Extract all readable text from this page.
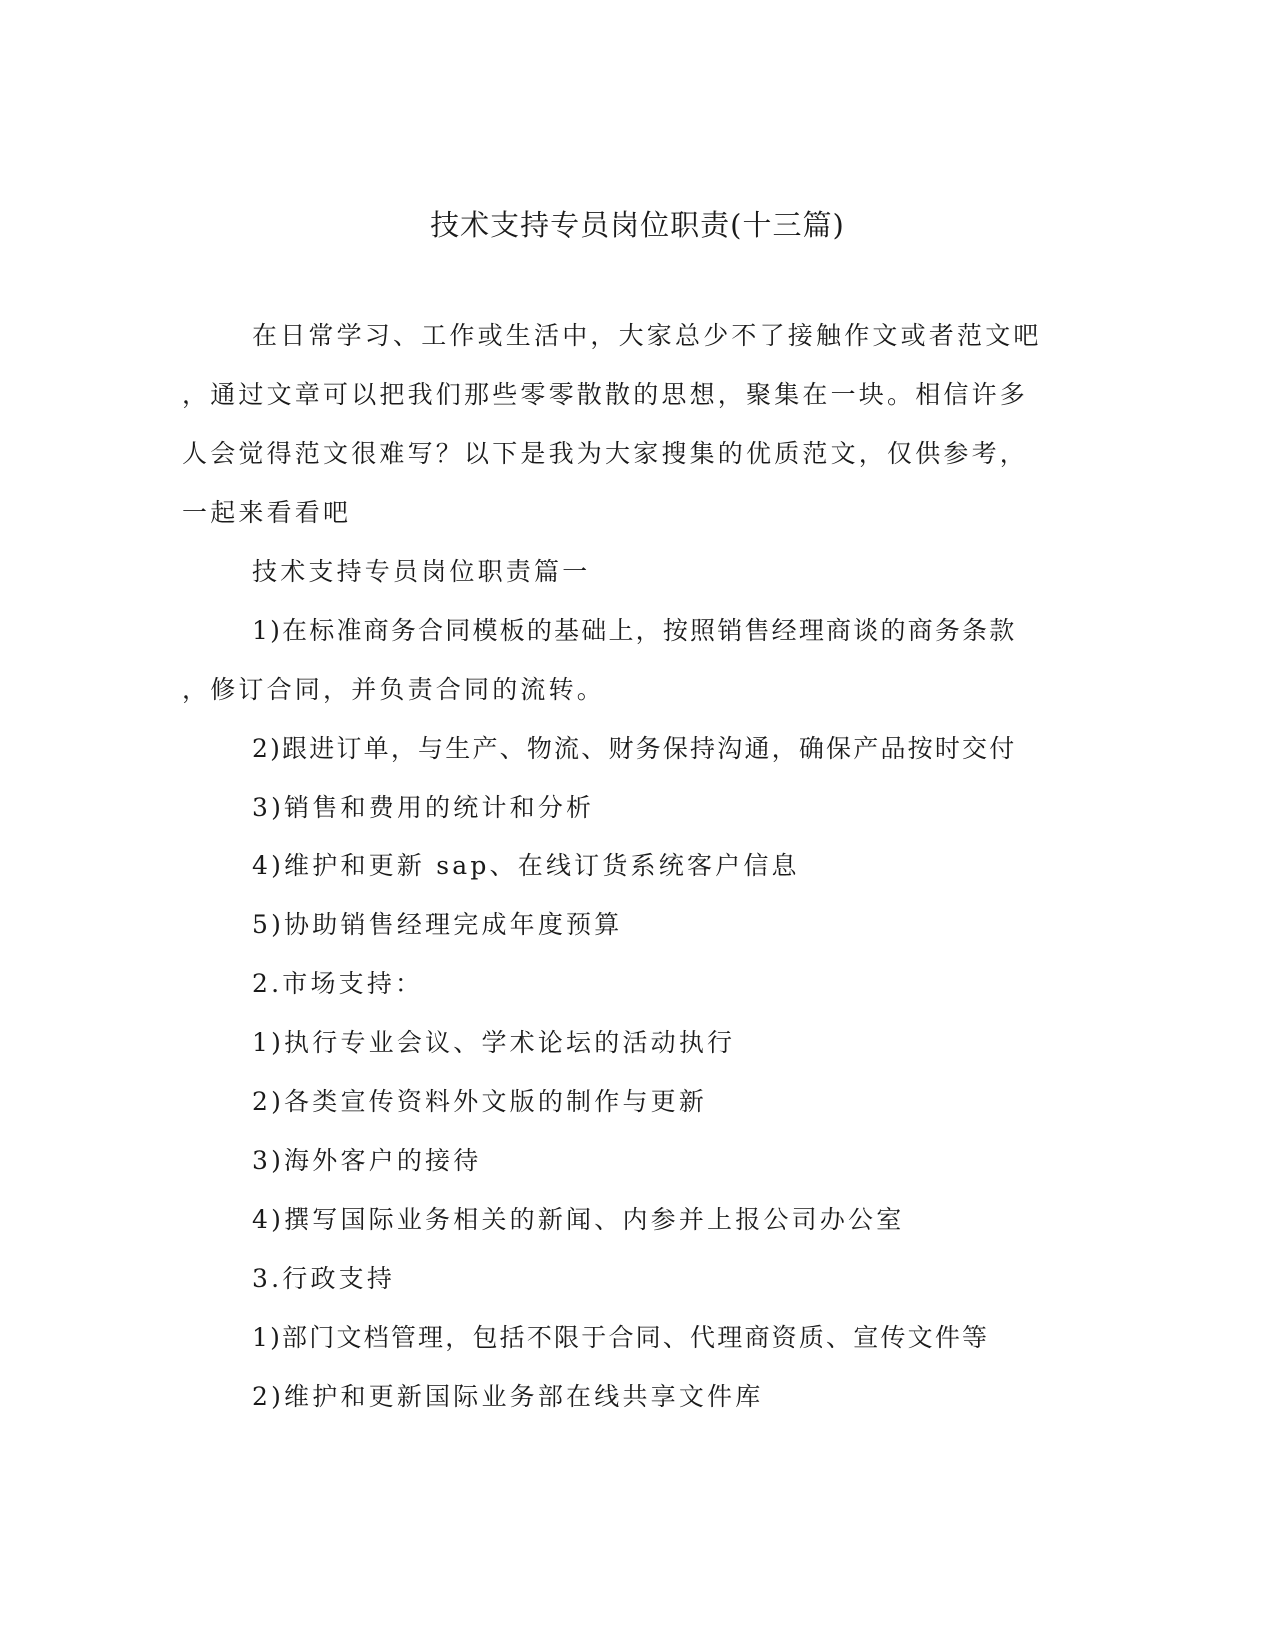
技术支持专员岗位职责(十三篇)

在日常学习、工作或生活中，大家总少不了接触作文或者范文吧

，通过文章可以把我们那些零零散散的思想，聚集在一块。相信许多

人会觉得范文很难写？以下是我为大家搜集的优质范文，仅供参考，

一起来看看吧

技术支持专员岗位职责篇一

1)在标准商务合同模板的基础上，按照销售经理商谈的商务条款

，修订合同，并负责合同的流转。

2)跟进订单，与生产、物流、财务保持沟通，确保产品按时交付

3)销售和费用的统计和分析

4)维护和更新 sap、在线订货系统客户信息

5)协助销售经理完成年度预算

2.市场支持：

1)执行专业会议、学术论坛的活动执行

2)各类宣传资料外文版的制作与更新

3)海外客户的接待

4)撰写国际业务相关的新闻、内参并上报公司办公室

3.行政支持

1)部门文档管理，包括不限于合同、代理商资质、宣传文件等

2)维护和更新国际业务部在线共享文件库
